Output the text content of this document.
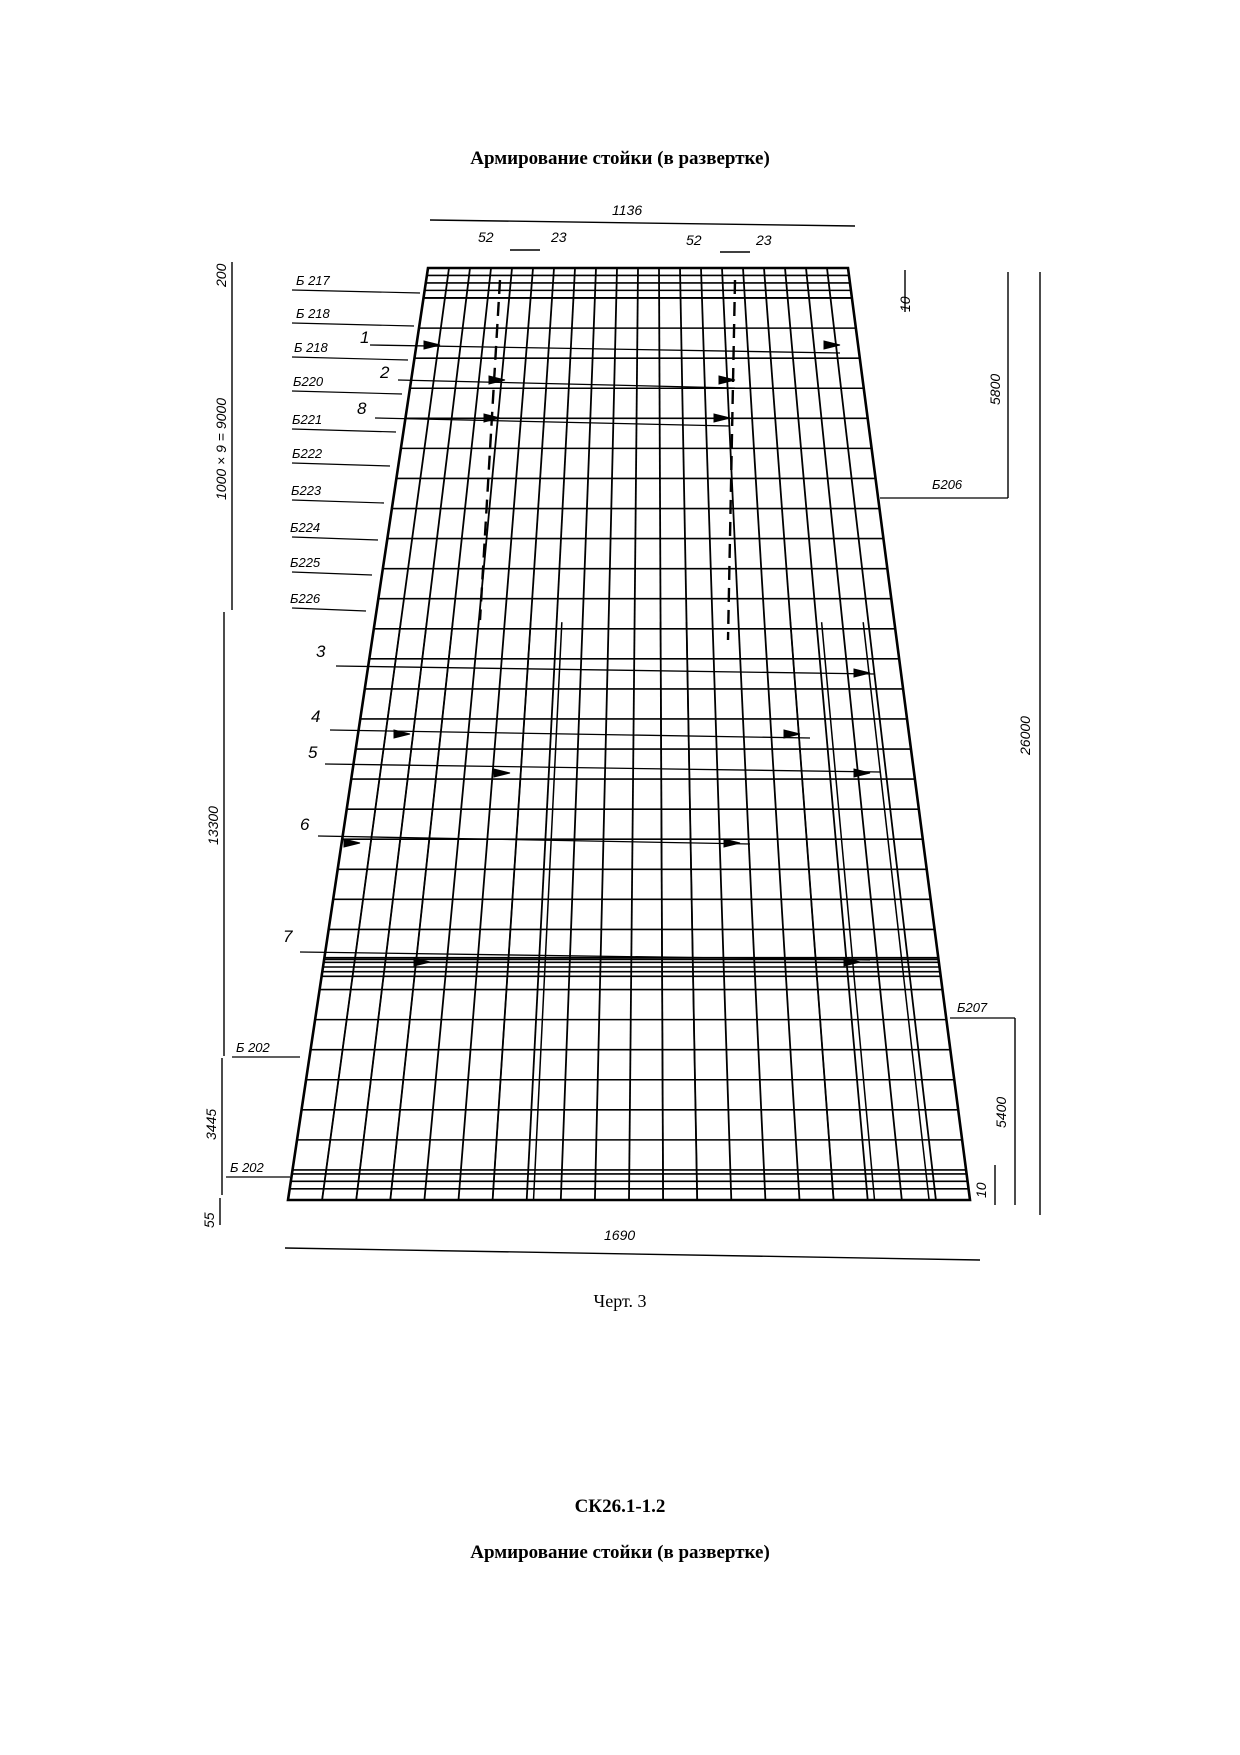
Армирование стойки (в развертке)
1136
52	23	52	23
1690
200
1000 × 9 = 9000
13300
3445
55
10
5800
26000
5400
10
Б 217
Б 218
Б 218
Б220
Б221
Б222
Б223
Б224
Б225
Б226
Б206
Б207
Б 202
Б 202
1
2
8
3
4
5
6
7
Черт. 3
СК26.1-1.2
Армирование стойки (в развертке)
